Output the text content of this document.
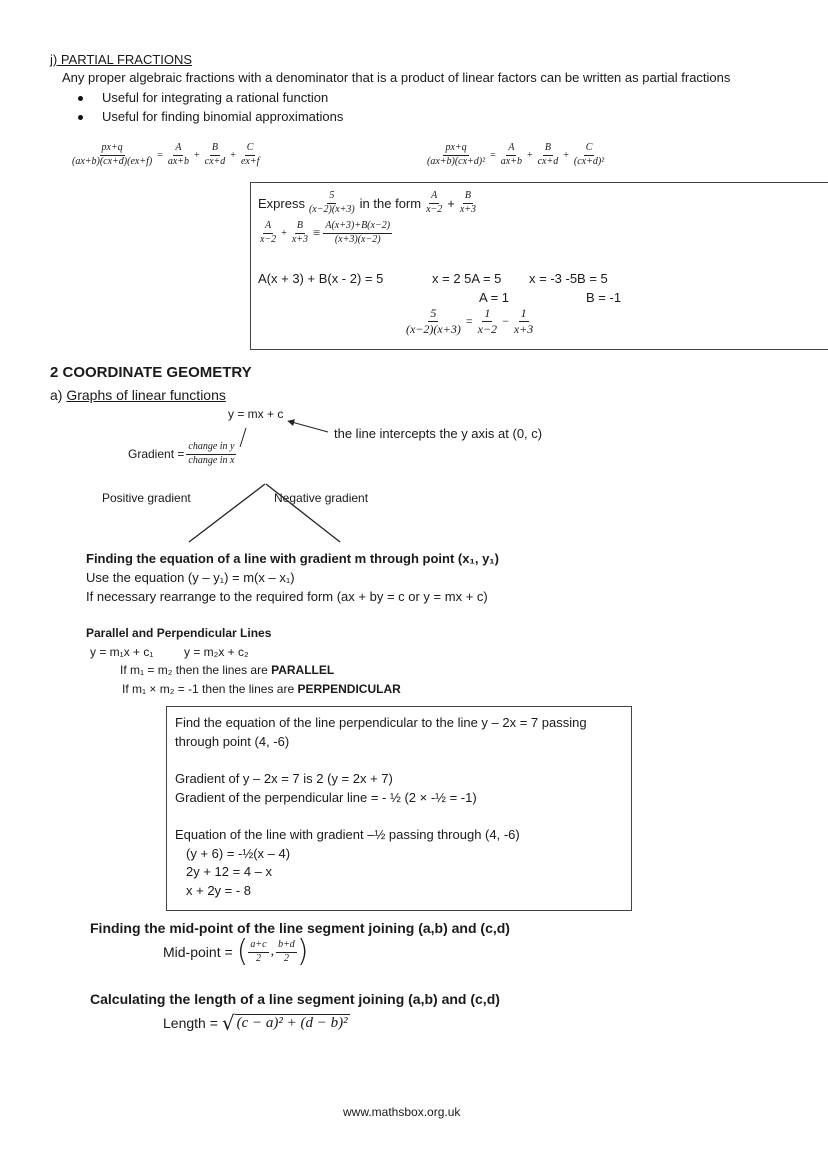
j) PARTIAL FRACTIONS
Any proper algebraic fractions with a denominator that is a product of linear factors can be written as partial fractions
Useful for integrating a rational function
Useful for finding binomial approximations
$\frac{px+q}{(ax+b)(cx+d)(ex+f)} = \frac{A}{ax+b} + \frac{B}{cx+d} + \frac{C}{ex+f}$	$\frac{px+q}{\text{(ax+b)(cx+d)²}} = \frac{A}{ax+b} + \frac{B}{cx+d} + \frac{C}{\text{(cx+d)²}}$
Express $\frac{5}{(x-2)(x+3)}$ in the form $\frac{A}{x-2} + \frac{B}{x+3}$
$\frac{A}{x-2} + \frac{B}{x+3} \equiv \frac{A(x+3)+B(x-2)}{(x+3)(x-2)}$
A(x + 3) + B(x - 2) = 5	x = 2 5A = 5
A = 1
x = -3 -5B = 5
B = -1
$\frac{5}{(x-2)(x+3)} = \frac{1}{x-2} - \frac{1}{x+3}$
2 COORDINATE GEOMETRY
a) Graphs of linear functions
y = mx + c
the line intercepts the y axis at (0, c)
Gradient = $\frac{\text{change in y}}{\text{change in x}}$
Positive gradient	Negative gradient
Finding the equation of a line with gradient m through point (x₁, y₁)
Use the equation (y – y₁) = m(x – x₁)
If necessary rearrange to the required form (ax + by = c or y = mx + c)
Parallel and Perpendicular Lines
y = m₁x + c₁	y = m₂x + c₂
If m₁ = m₂ then the lines are PARALLEL
If m₁ × m₂ = -1 then the lines are PERPENDICULAR
Find the equation of the line perpendicular to the line y – 2x = 7 passing
through point (4, -6)
Gradient of y – 2x = 7 is 2 (y = 2x + 7)
Gradient of the perpendicular line = - ½ (2 × -½ = -1)
Equation of the line with gradient –½ passing through (4, -6)
(y + 6) = -½(x – 4)
2y + 12 = 4 – x
x + 2y = - 8
Finding the mid-point of the line segment joining (a,b) and (c,d)
Mid-point = ( $\frac{a+c}{2}$ , $\frac{b+d}{2}$ )
Calculating the length of a line segment joining (a,b) and (c,d)
Length = √ (c − a)² + (d − b)²
www.mathsbox.org.uk
